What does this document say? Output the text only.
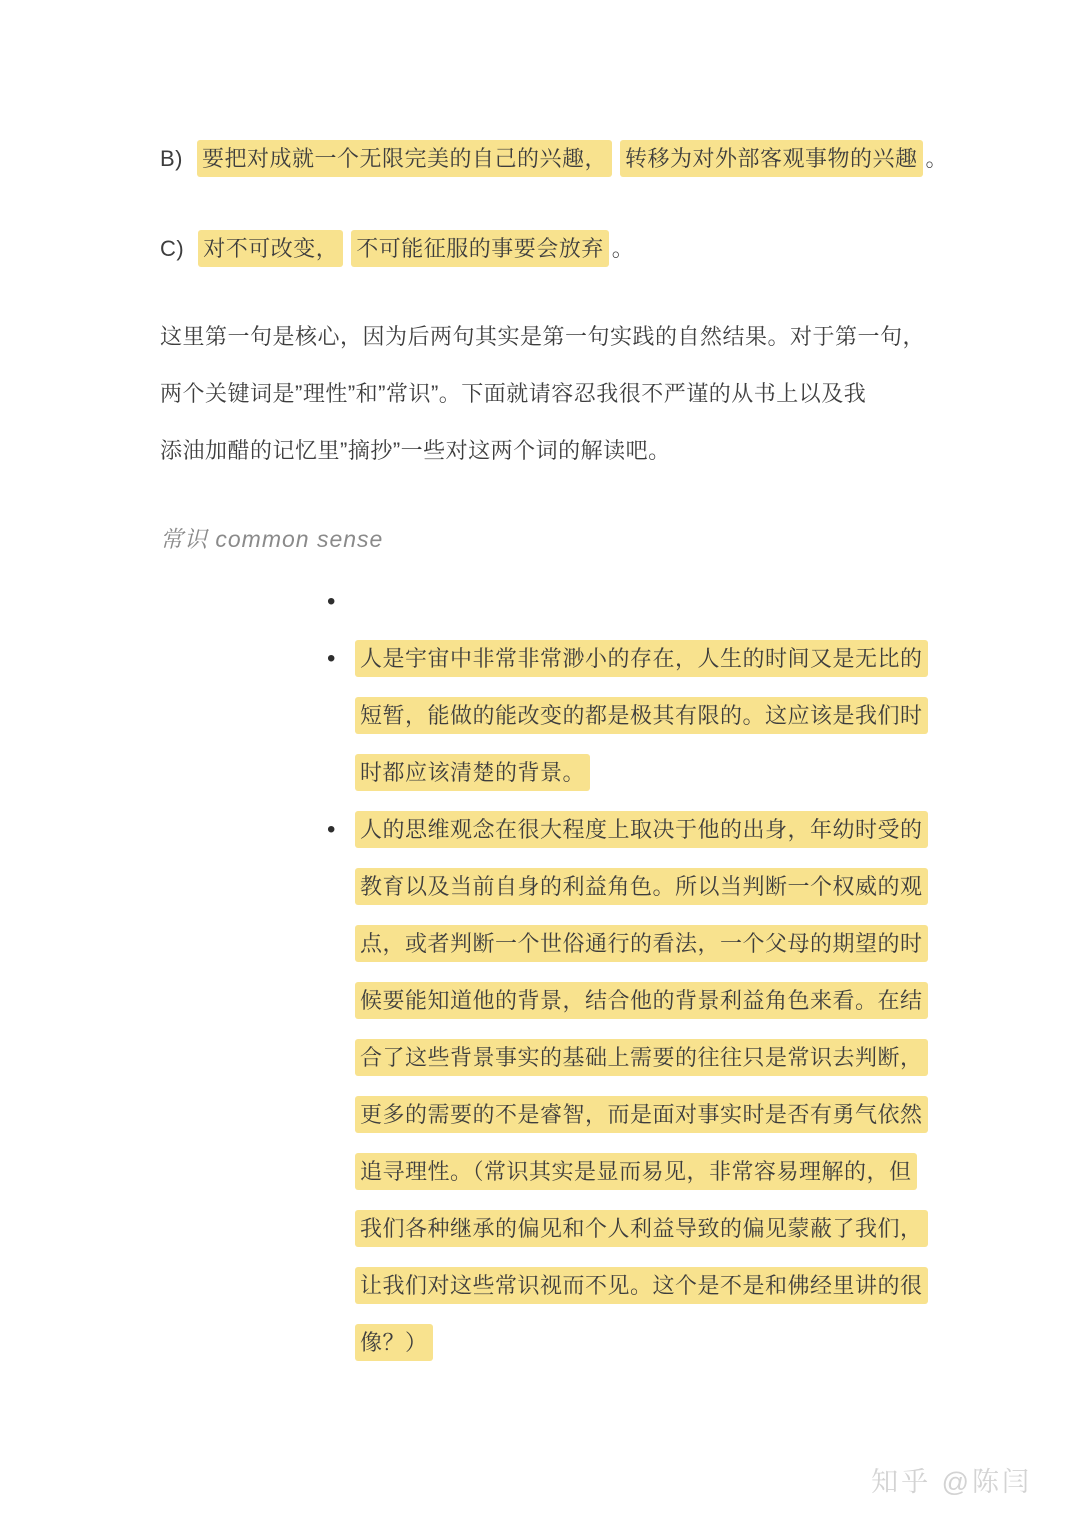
B) 要把对成就一个无限完美的自己的兴趣， 转移为对外部客观事物的兴趣 。
C) 对不可改变， 不可能征服的事要会放弃 。
这里第一句是核心，因为后两句其实是第一句实践的自然结果。对于第一句，
两个关键词是”理性”和”常识”。下面就请容忍我很不严谨的从书上以及我
添油加醋的记忆里”摘抄”一些对这两个词的解读吧。
常识 common sense
•
• 人是宇宙中非常非常渺小的存在，人生的时间又是无比的
短暂，能做的能改变的都是极其有限的。这应该是我们时
时都应该清楚的背景。
• 人的思维观念在很大程度上取决于他的出身，年幼时受的
教育以及当前自身的利益角色。所以当判断一个权威的观
点，或者判断一个世俗通行的看法，一个父母的期望的时
候要能知道他的背景，结合他的背景利益角色来看。在结
合了这些背景事实的基础上需要的往往只是常识去判断，
更多的需要的不是睿智，而是面对事实时是否有勇气依然
追寻理性。（常识其实是显而易见，非常容易理解的，但
我们各种继承的偏见和个人利益导致的偏见蒙蔽了我们，
让我们对这些常识视而不见。这个是不是和佛经里讲的很
像？）
知乎 @陈闫
